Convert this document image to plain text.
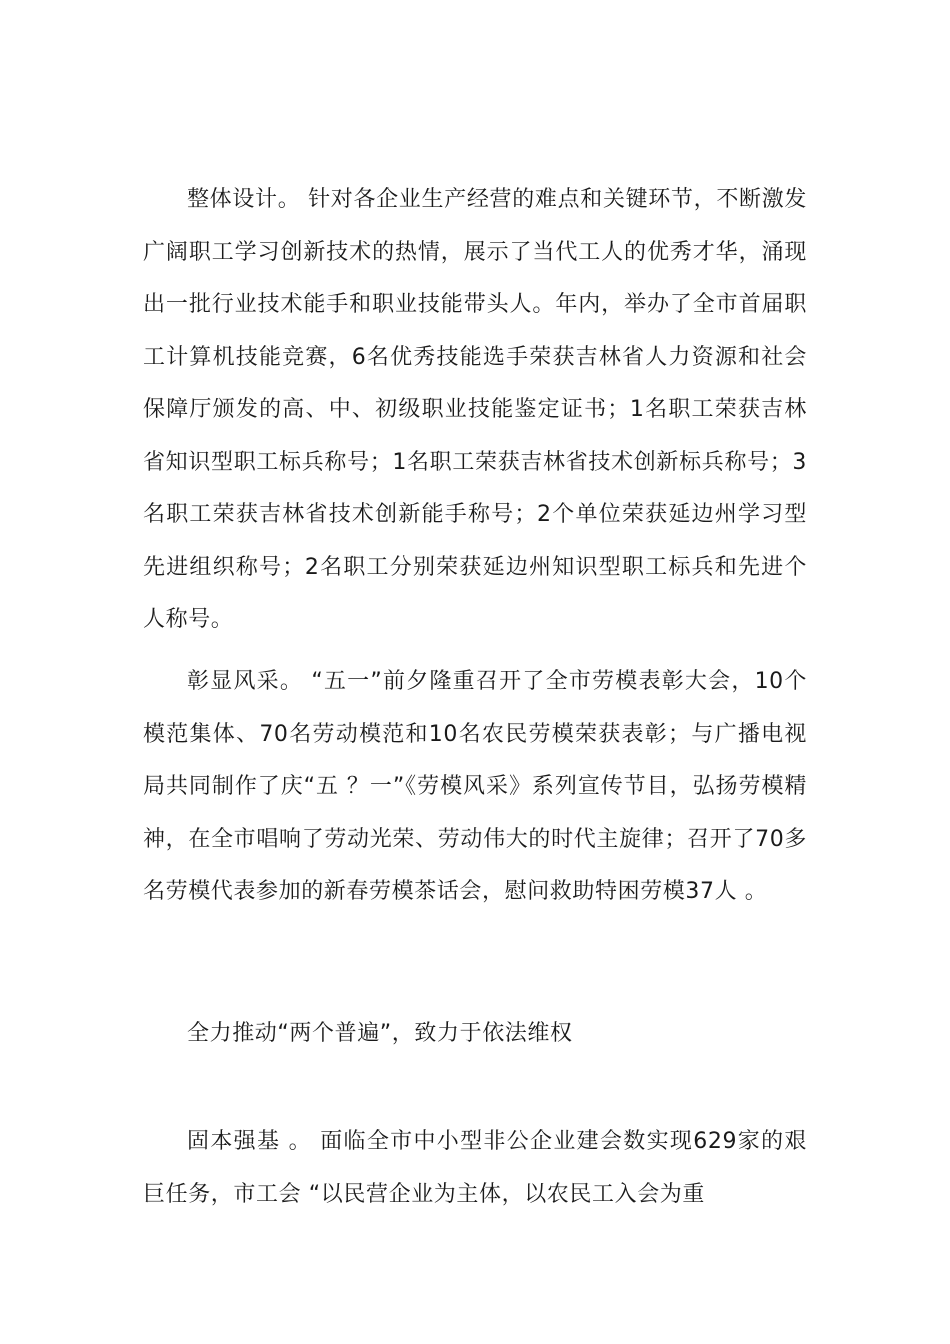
整体设计。 针对各企业生产经营的难点和关键环节，不断激发广阔职工学习创新技术的热情，展示了当代工人的优秀才华，涌现出一批行业技术能手和职业技能带头人。年内，举办了全市首届职工计算机技能竞赛，6名优秀技能选手荣获吉林省人力资源和社会保障厅颁发的高、中、初级职业技能鉴定证书；1名职工荣获吉林省知识型职工标兵称号；1名职工荣获吉林省技术创新标兵称号；3名职工荣获吉林省技术创新能手称号；2个单位荣获延边州学习型先进组织称号；2名职工分别荣获延边州知识型职工标兵和先进个人称号。

彰显风采。 “五一”前夕隆重召开了全市劳模表彰大会，10个模范集体、70名劳动模范和10名农民劳模荣获表彰；与广播电视局共同制作了庆“五 ？一”《劳模风采》系列宣传节目，弘扬劳模精神，在全市唱响了劳动光荣、劳动伟大的时代主旋律；召开了70多名劳模代表参加的新春劳模茶话会，慰问救助特困劳模37人 。

全力推动“两个普遍”，致力于依法维权

固本强基 。 面临全市中小型非公企业建会数实现629家的艰巨任务，市工会 “以民营企业为主体，以农民工入会为重
